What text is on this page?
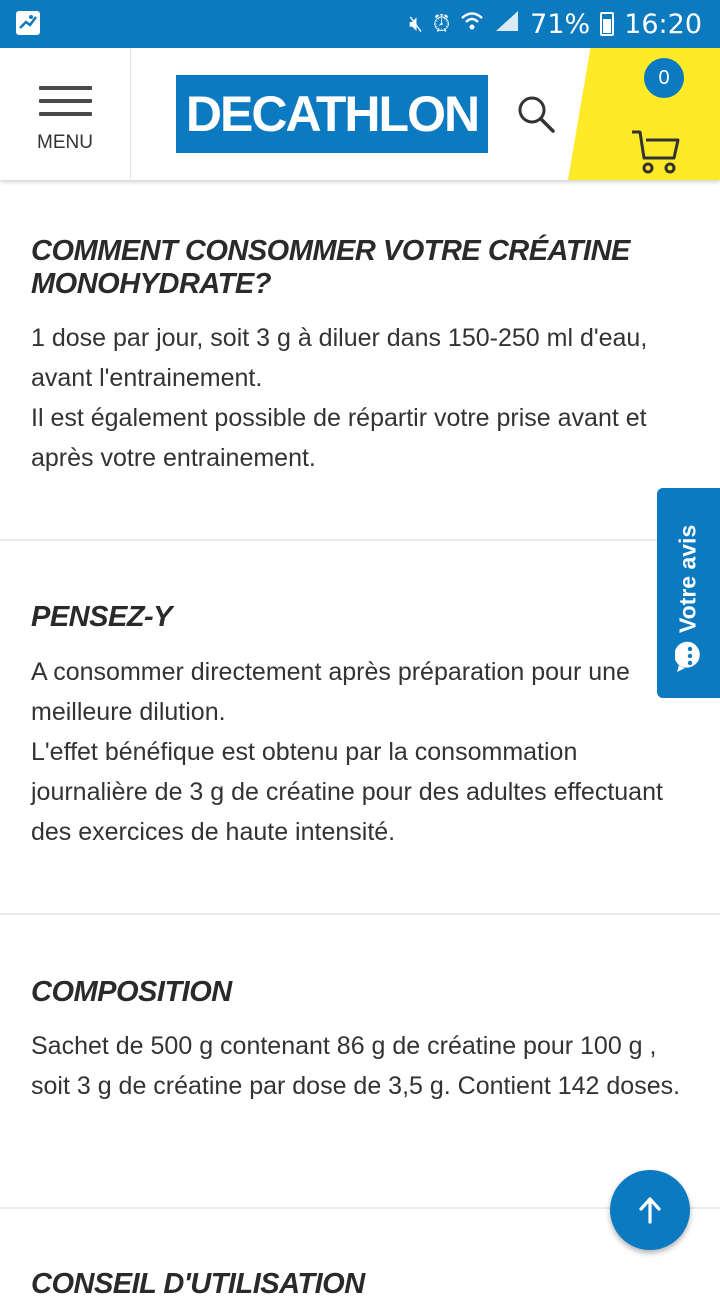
🔇︎ ⏰︎	71% 16:20
MENU
DECATHLON
0
COMMENT CONSOMMER VOTRE CRÉATINE
MONOHYDRATE?

1 dose par jour, soit 3 g à diluer dans 150-250 ml d'eau, avant l'entrainement.

Il est également possible de répartir votre prise avant et après votre entrainement.

PENSEZ-Y

A consommer directement après préparation pour une meilleure dilution.

L'effet bénéfique est obtenu par la consommation journalière de 3 g de créatine pour des adultes effectuant des exercices de haute intensité.

COMPOSITION

Sachet de 500 g contenant 86 g de créatine pour 100 g , soit 3 g de créatine par dose de 3,5 g. Contient 142 doses.

CONSEIL D'UTILISATION
Votre avis
